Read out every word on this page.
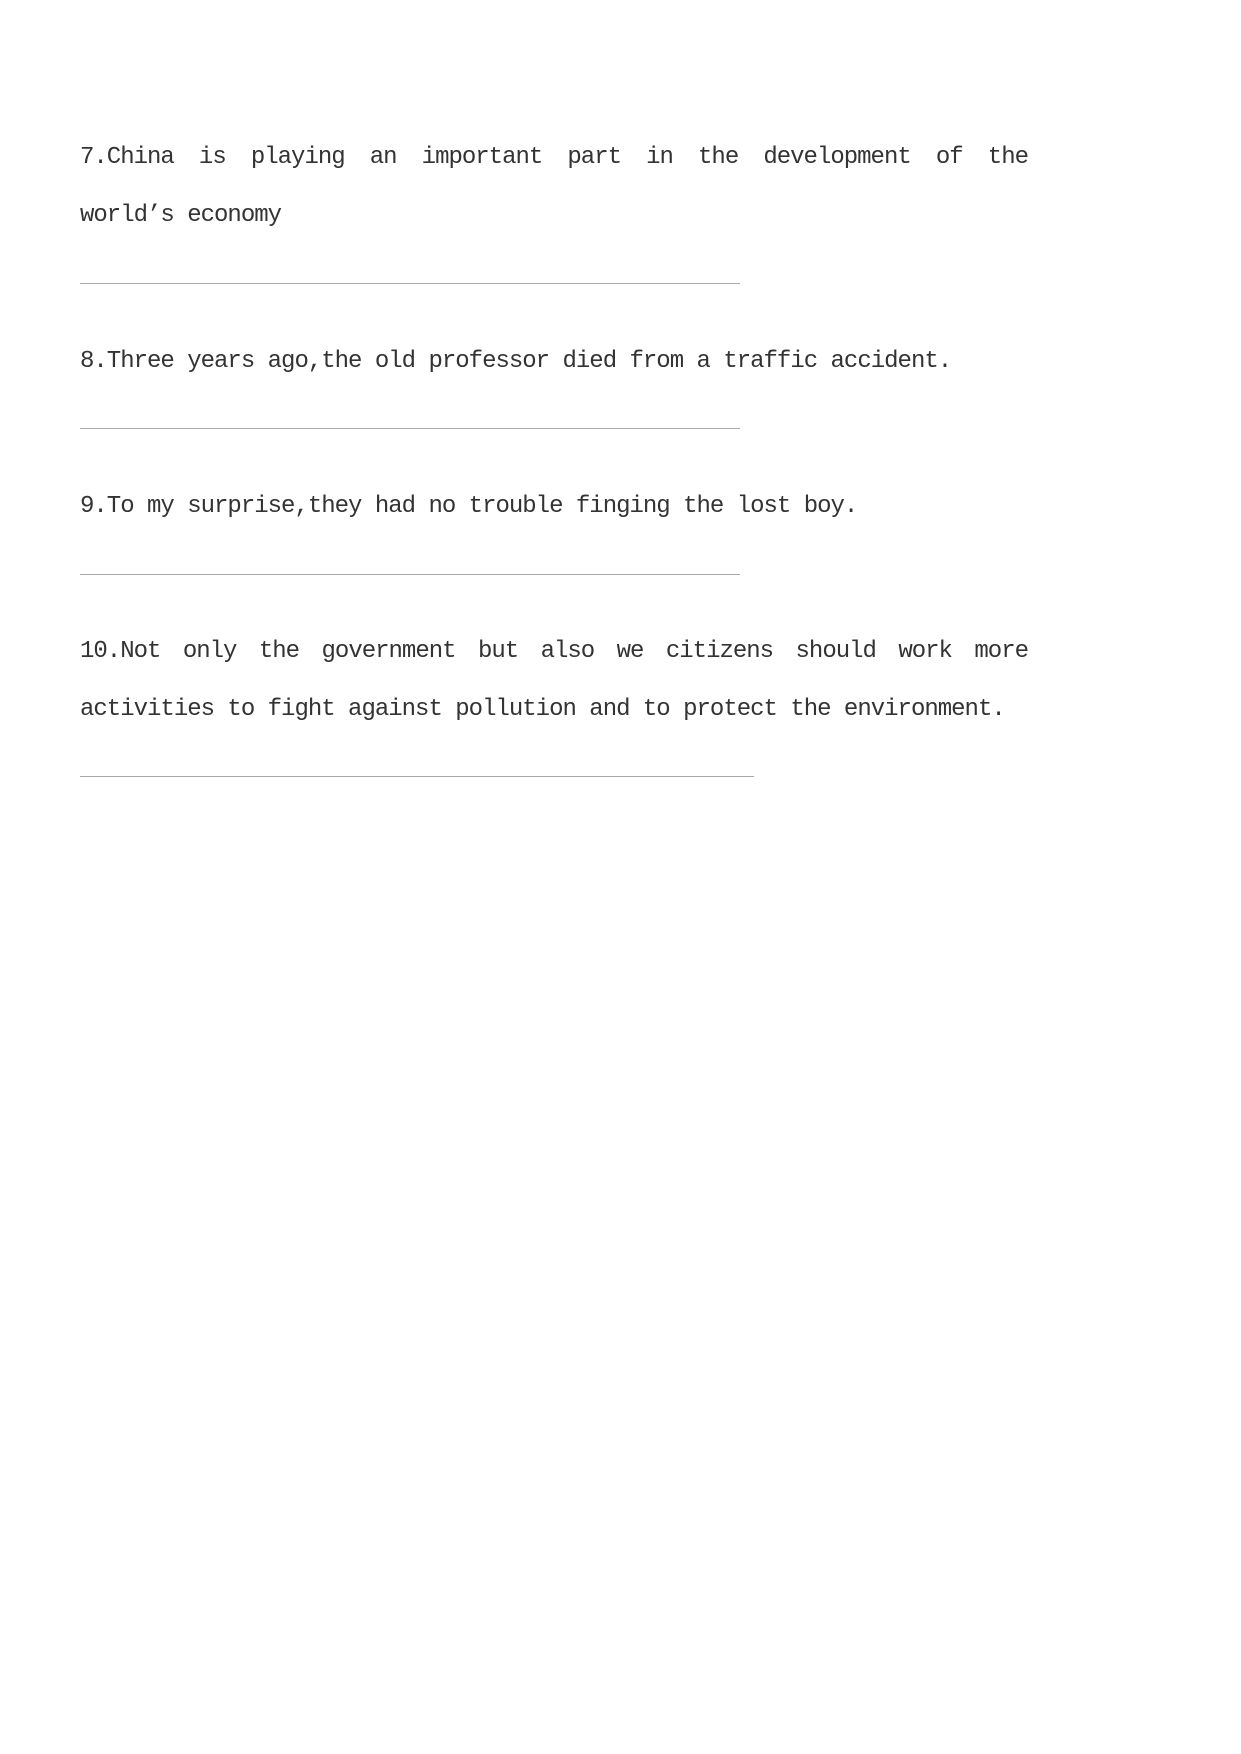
7.China is playing an important part in the development of the
world’s economy
8.Three years ago,the old professor died from a traffic accident.
9.To my surprise,they had no trouble finging the lost boy.
10.Not only the government but also we citizens should work more
activities to fight against pollution and to protect the environment.
